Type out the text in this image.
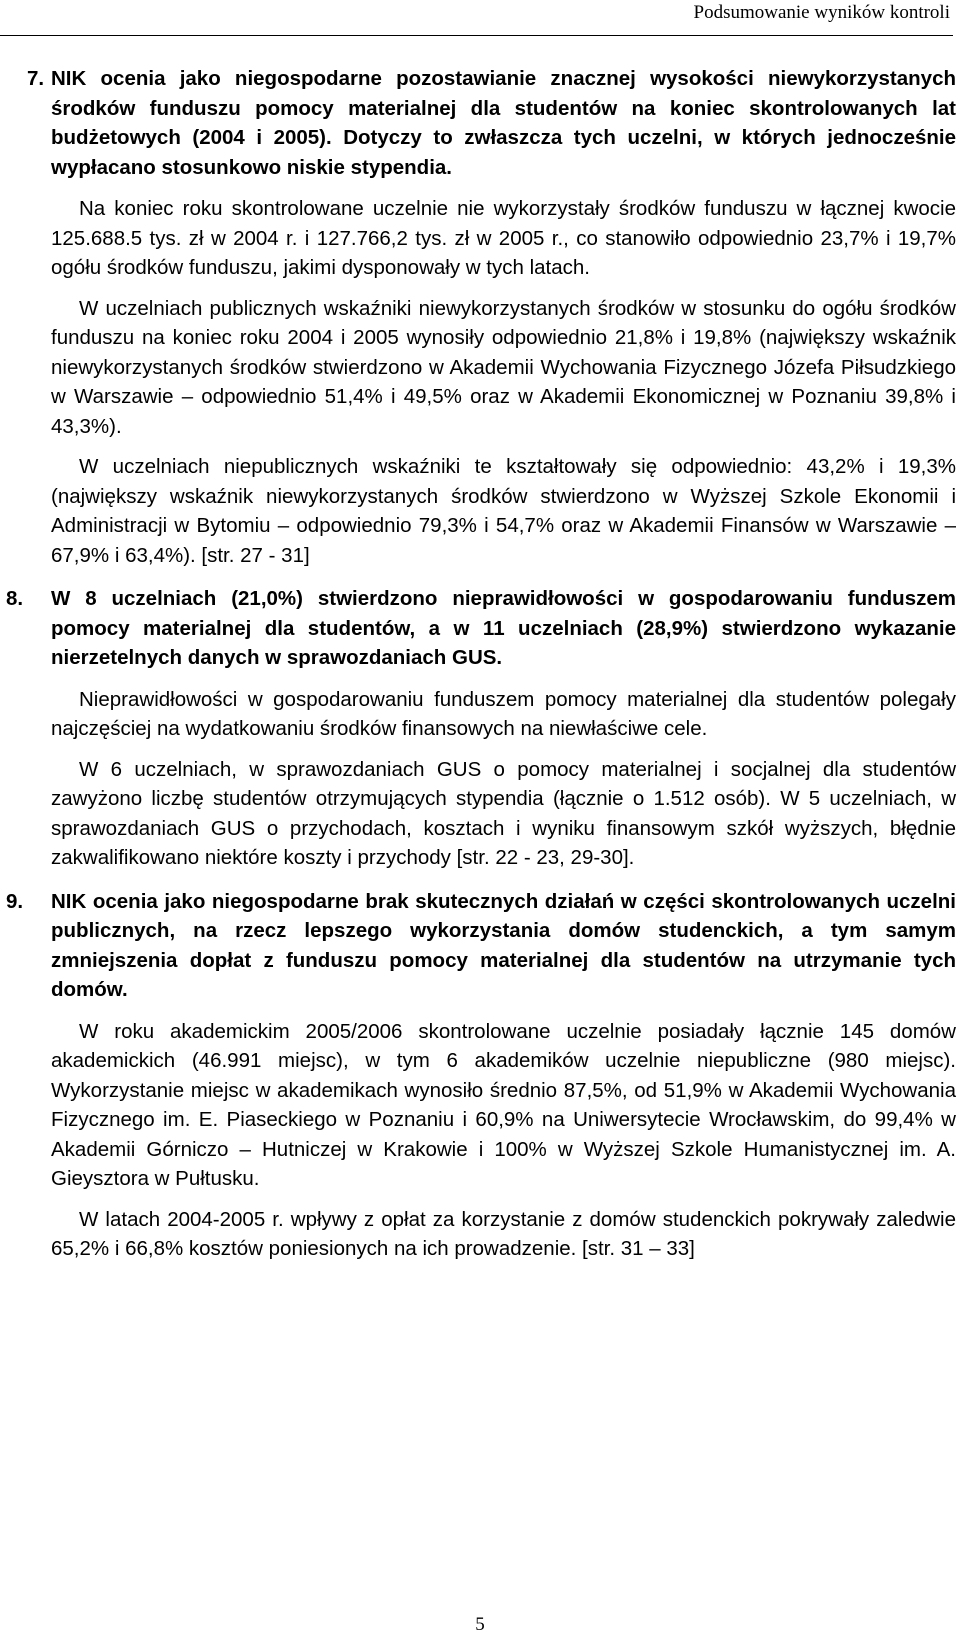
Podsumowanie wyników kontroli
7. NIK ocenia jako niegospodarne pozostawianie znacznej wysokości niewykorzystanych środków funduszu pomocy materialnej dla studentów na koniec skontrolowanych lat budżetowych (2004 i 2005). Dotyczy to zwłaszcza tych uczelni, w których jednocześnie wypłacano stosunkowo niskie stypendia.

Na koniec roku skontrolowane uczelnie nie wykorzystały środków funduszu w łącznej kwocie 125.688.5 tys. zł w 2004 r. i 127.766,2 tys. zł w 2005 r., co stanowiło odpowiednio 23,7% i 19,7% ogółu środków funduszu, jakimi dysponowały w tych latach.

W uczelniach publicznych wskaźniki niewykorzystanych środków w stosunku do ogółu środków funduszu na koniec roku 2004 i 2005 wynosiły odpowiednio 21,8% i 19,8% (największy wskaźnik niewykorzystanych środków stwierdzono w Akademii Wychowania Fizycznego Józefa Piłsudzkiego w Warszawie – odpowiednio 51,4% i 49,5% oraz w Akademii Ekonomicznej w Poznaniu 39,8% i 43,3%).

W uczelniach niepublicznych wskaźniki te kształtowały się odpowiednio: 43,2% i 19,3% (największy wskaźnik niewykorzystanych środków stwierdzono w Wyższej Szkole Ekonomii i Administracji w Bytomiu – odpowiednio 79,3% i 54,7% oraz w Akademii Finansów w Warszawie – 67,9% i 63,4%). [str. 27 - 31]

8. W 8 uczelniach (21,0%) stwierdzono nieprawidłowości w gospodarowaniu funduszem pomocy materialnej dla studentów, a w 11 uczelniach (28,9%) stwierdzono wykazanie nierzetelnych danych w sprawozdaniach GUS.

Nieprawidłowości w gospodarowaniu funduszem pomocy materialnej dla studentów polegały najczęściej na wydatkowaniu środków finansowych na niewłaściwe cele.

W 6 uczelniach, w sprawozdaniach GUS o pomocy materialnej i socjalnej dla studentów zawyżono liczbę studentów otrzymujących stypendia (łącznie o 1.512 osób). W 5 uczelniach, w sprawozdaniach GUS o przychodach, kosztach i wyniku finansowym szkół wyższych, błędnie zakwalifikowano niektóre koszty i przychody [str. 22 - 23, 29-30].

9. NIK ocenia jako niegospodarne brak skutecznych działań w części skontrolowanych uczelni publicznych, na rzecz lepszego wykorzystania domów studenckich, a tym samym zmniejszenia dopłat z funduszu pomocy materialnej dla studentów na utrzymanie tych domów.

W roku akademickim 2005/2006 skontrolowane uczelnie posiadały łącznie 145 domów akademickich (46.991 miejsc), w tym 6 akademików uczelnie niepubliczne (980 miejsc). Wykorzystanie miejsc w akademikach wynosiło średnio 87,5%, od 51,9% w Akademii Wychowania Fizycznego im. E. Piaseckiego w Poznaniu i 60,9% na Uniwersytecie Wrocławskim, do 99,4% w Akademii Górniczo – Hutniczej w Krakowie i 100% w Wyższej Szkole Humanistycznej im. A. Gieysztora w Pułtusku.

W latach 2004-2005 r. wpływy z opłat za korzystanie z domów studenckich pokrywały zaledwie 65,2% i 66,8% kosztów poniesionych na ich prowadzenie. [str. 31 – 33]

5
